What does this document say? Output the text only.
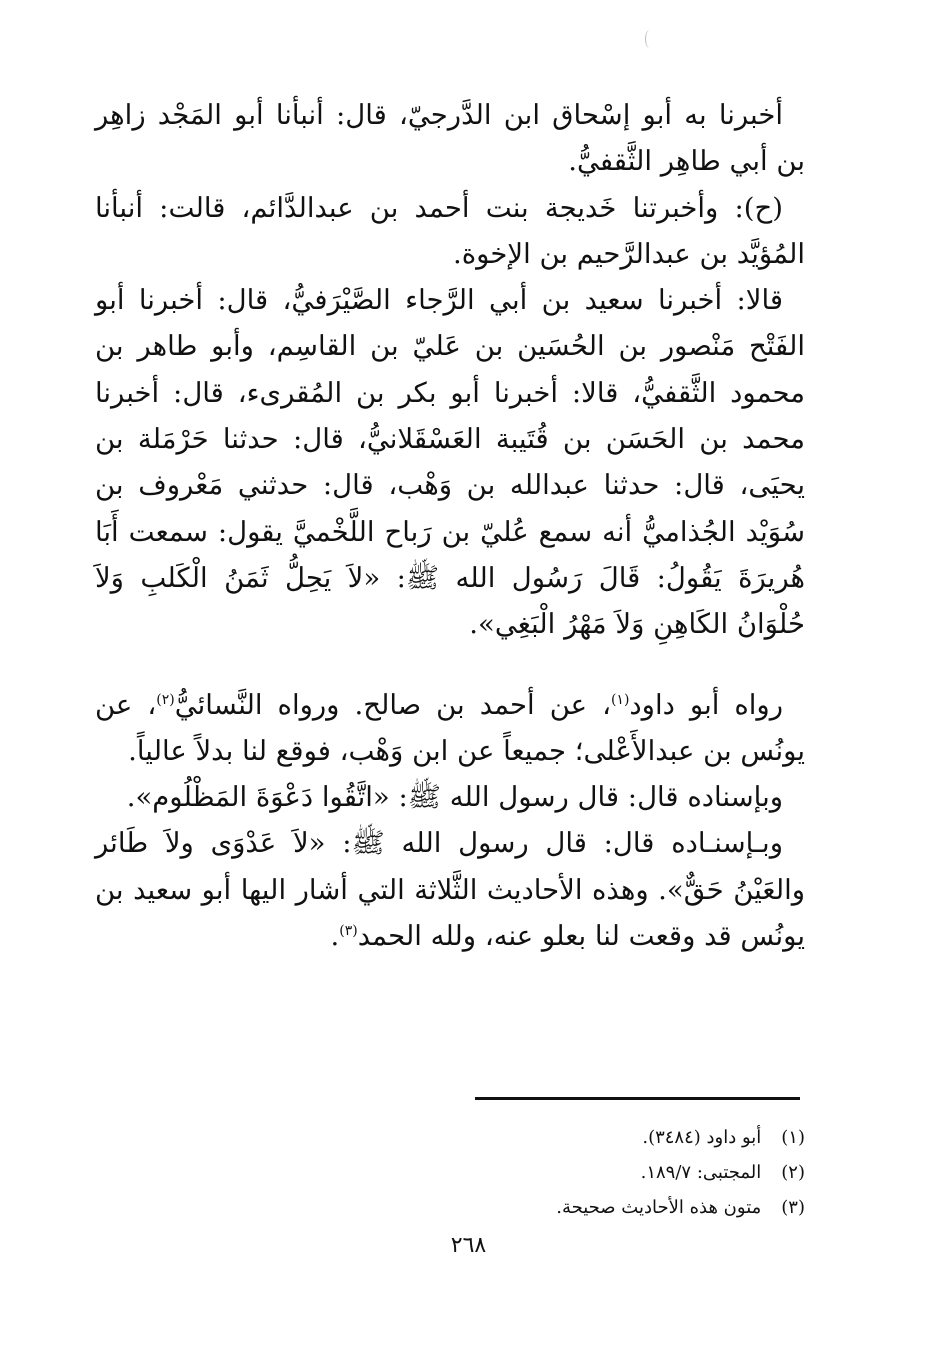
أخبرنا به أبو إسْحاق ابن الدَّرجيّ، قال: أنبأنا أبو المَجْد زاهِر بن أبي طاهِر الثَّقفيُّ.

(ح): وأخبرتنا خَديجة بنت أحمد بن عبدالدَّائم، قالت: أنبأنا المُؤيَّد بن عبدالرَّحيم بن الإخوة.

قالا: أخبرنا سعيد بن أبي الرَّجاء الصَّيْرَفيُّ، قال: أخبرنا أبو الفَتْح مَنْصور بن الحُسَين بن عَليّ بن القاسِم، وأبو طاهر بن محمود الثَّقفيُّ، قالا: أخبرنا أبو بكر بن المُقرىء، قال: أخبرنا محمد بن الحَسَن بن قُتَيبة العَسْقَلانيُّ، قال: حدثنا حَرْمَلة بن يحيَى، قال: حدثنا عبدالله بن وَهْب، قال: حدثني مَعْروف بن سُوَيْد الجُذاميُّ أنه سمع عُليّ بن رَباح اللَّخْميَّ يقول: سمعت أَبَا هُريرَةَ يَقُولُ: قَالَ رَسُول الله ﷺ: «لاَ يَحِلُّ ثَمَنُ الْكَلبِ وَلاَ حُلْوَانُ الكَاهِنِ وَلاَ مَهْرُ الْبَغِي».

رواه أبو داود$^{(١)}$، عن أحمد بن صالح. ورواه النَّسائيُّ$^{(٢)}$، عن يونُس بن عبدالأَعْلى؛ جميعاً عن ابن وَهْب، فوقع لنا بدلاً عالياً.

وبإسناده قال: قال رسول الله ﷺ: «اتَّقُوا دَعْوَةَ المَظْلُوم».

وبـإسنـاده قال: قال رسول الله ﷺ: «لاَ عَدْوَى ولاَ طَائر والعَيْنُ حَقٌّ». وهذه الأحاديث الثَّلاثة التي أشار اليها أبو سعيد بن يونُس قد وقعت لنا بعلو عنه، ولله الحمد$^{(٣)}$.

(١) أبو داود (٣٤٨٤).
(٢) المجتبى: ١٨٩/٧.
(٣) متون هذه الأحاديث صحيحة.
٢٦٨
